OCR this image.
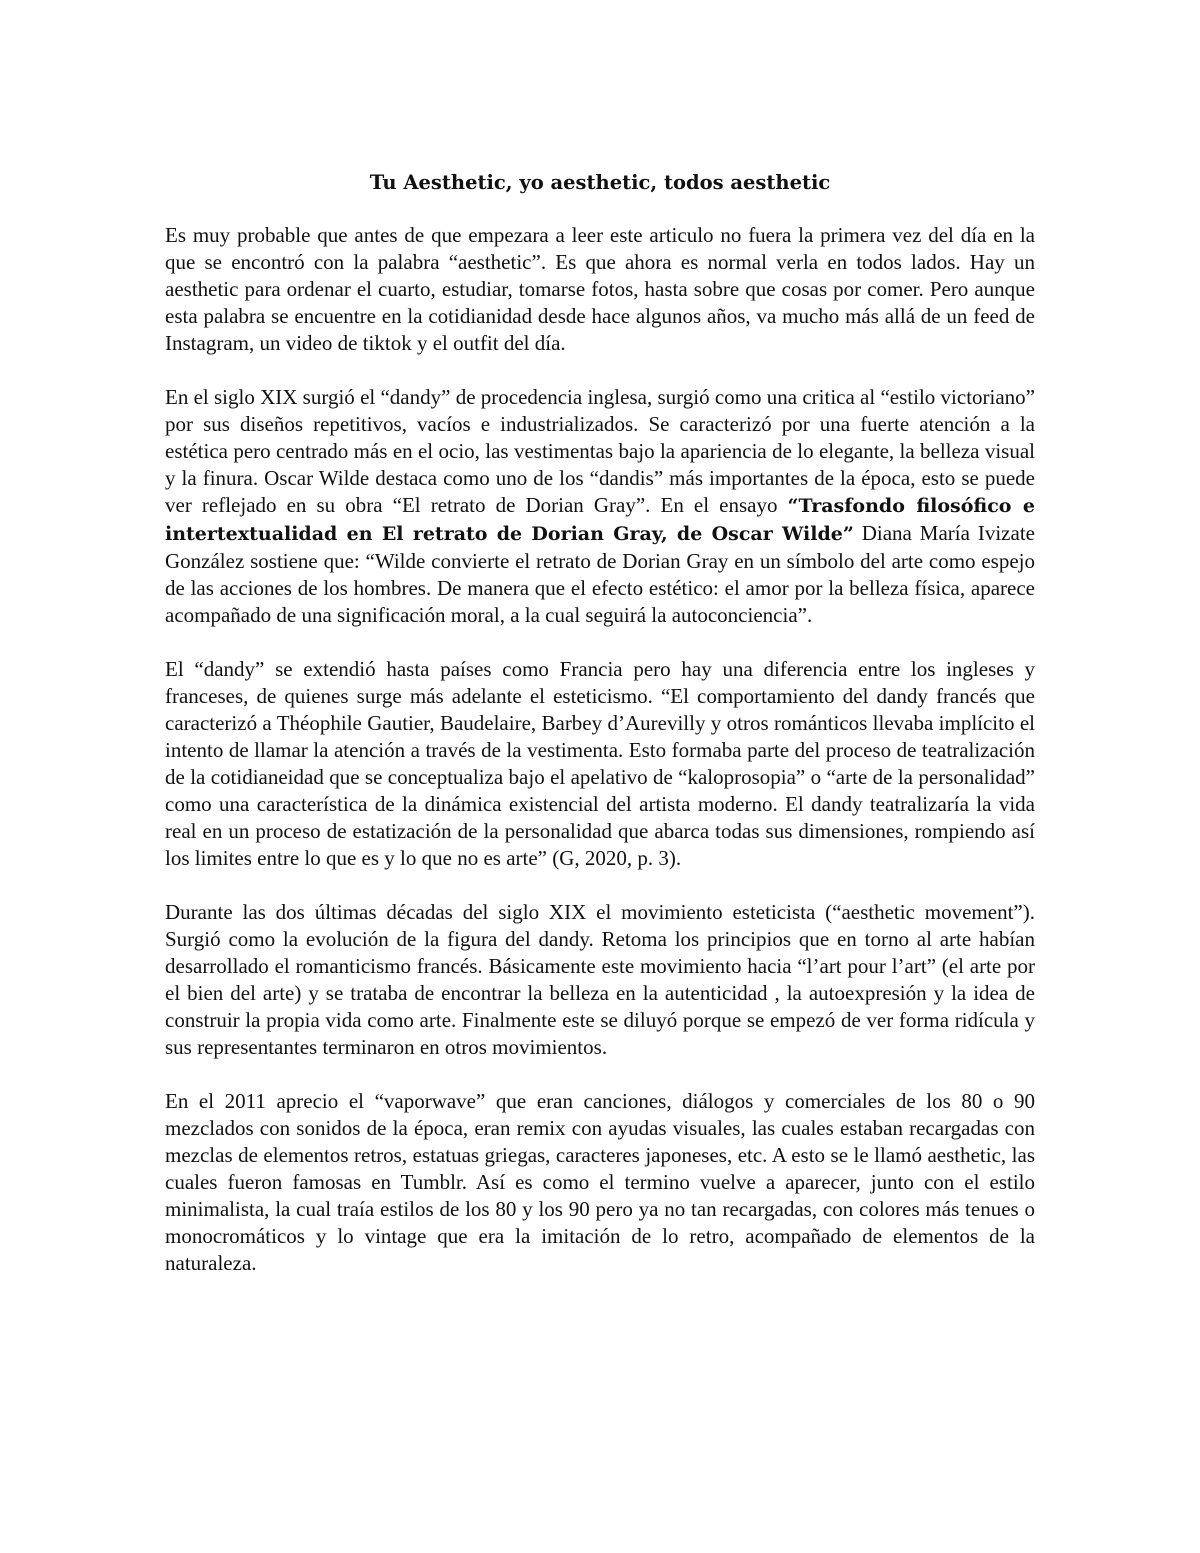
Tu Aesthetic, yo aesthetic, todos aesthetic

Es muy probable que antes de que empezara a leer este articulo no fuera la primera vez del día en la que se encontró con la palabra “aesthetic”. Es que ahora es normal verla en todos lados. Hay un aesthetic para ordenar el cuarto, estudiar, tomarse fotos, hasta sobre que cosas por comer. Pero aunque esta palabra se encuentre en la cotidianidad desde hace algunos años, va mucho más allá de un feed de Instagram, un video de tiktok y el outfit del día.

En el siglo XIX surgió el “dandy” de procedencia inglesa, surgió como una critica al “estilo victoriano” por sus diseños repetitivos, vacíos e industrializados. Se caracterizó por una fuerte atención a la estética pero centrado más en el ocio, las vestimentas bajo la apariencia de lo elegante, la belleza visual y la finura. Oscar Wilde destaca como uno de los “dandis” más importantes de la época, esto se puede ver reflejado en su obra “El retrato de Dorian Gray”. En el ensayo “Trasfondo filosófico e intertextualidad en El retrato de Dorian Gray, de Oscar Wilde” Diana María Ivizate González sostiene que: “Wilde convierte el retrato de Dorian Gray en un símbolo del arte como espejo de las acciones de los hombres. De manera que el efecto estético: el amor por la belleza física, aparece acompañado de una significación moral, a la cual seguirá la autoconciencia”.

El “dandy” se extendió hasta países como Francia pero hay una diferencia entre los ingleses y franceses, de quienes surge más adelante el esteticismo. “El comportamiento del dandy francés que caracterizó a Théophile Gautier, Baudelaire, Barbey d’Aurevilly y otros románticos llevaba implícito el intento de llamar la atención a través de la vestimenta. Esto formaba parte del proceso de teatralización de la cotidianeidad que se conceptualiza bajo el apelativo de “kaloprosopia” o “arte de la personalidad” como una característica de la dinámica existencial del artista moderno. El dandy teatralizaría la vida real en un proceso de estatización de la personalidad que abarca todas sus dimensiones, rompiendo así los limites entre lo que es y lo que no es arte” (G, 2020, p. 3).

Durante las dos últimas décadas del siglo XIX el movimiento esteticista (“aesthetic movement”). Surgió como la evolución de la figura del dandy. Retoma los principios que en torno al arte habían desarrollado el romanticismo francés. Básicamente este movimiento hacia “l’art pour l’art” (el arte por el bien del arte) y se trataba de encontrar la belleza en la autenticidad , la autoexpresión y la idea de construir la propia vida como arte. Finalmente este se diluyó porque se empezó de ver forma ridícula y sus representantes terminaron en otros movimientos.

En el 2011 aprecio el “vaporwave” que eran canciones, diálogos y comerciales de los 80 o 90 mezclados con sonidos de la época, eran remix con ayudas visuales, las cuales estaban recargadas con mezclas de elementos retros, estatuas griegas, caracteres japoneses, etc. A esto se le llamó aesthetic, las cuales fueron famosas en Tumblr. Así es como el termino vuelve a aparecer, junto con el estilo minimalista, la cual traía estilos de los 80 y los 90 pero ya no tan recargadas, con colores más tenues o monocromáticos y lo vintage que era la imitación de lo retro, acompañado de elementos de la naturaleza.
